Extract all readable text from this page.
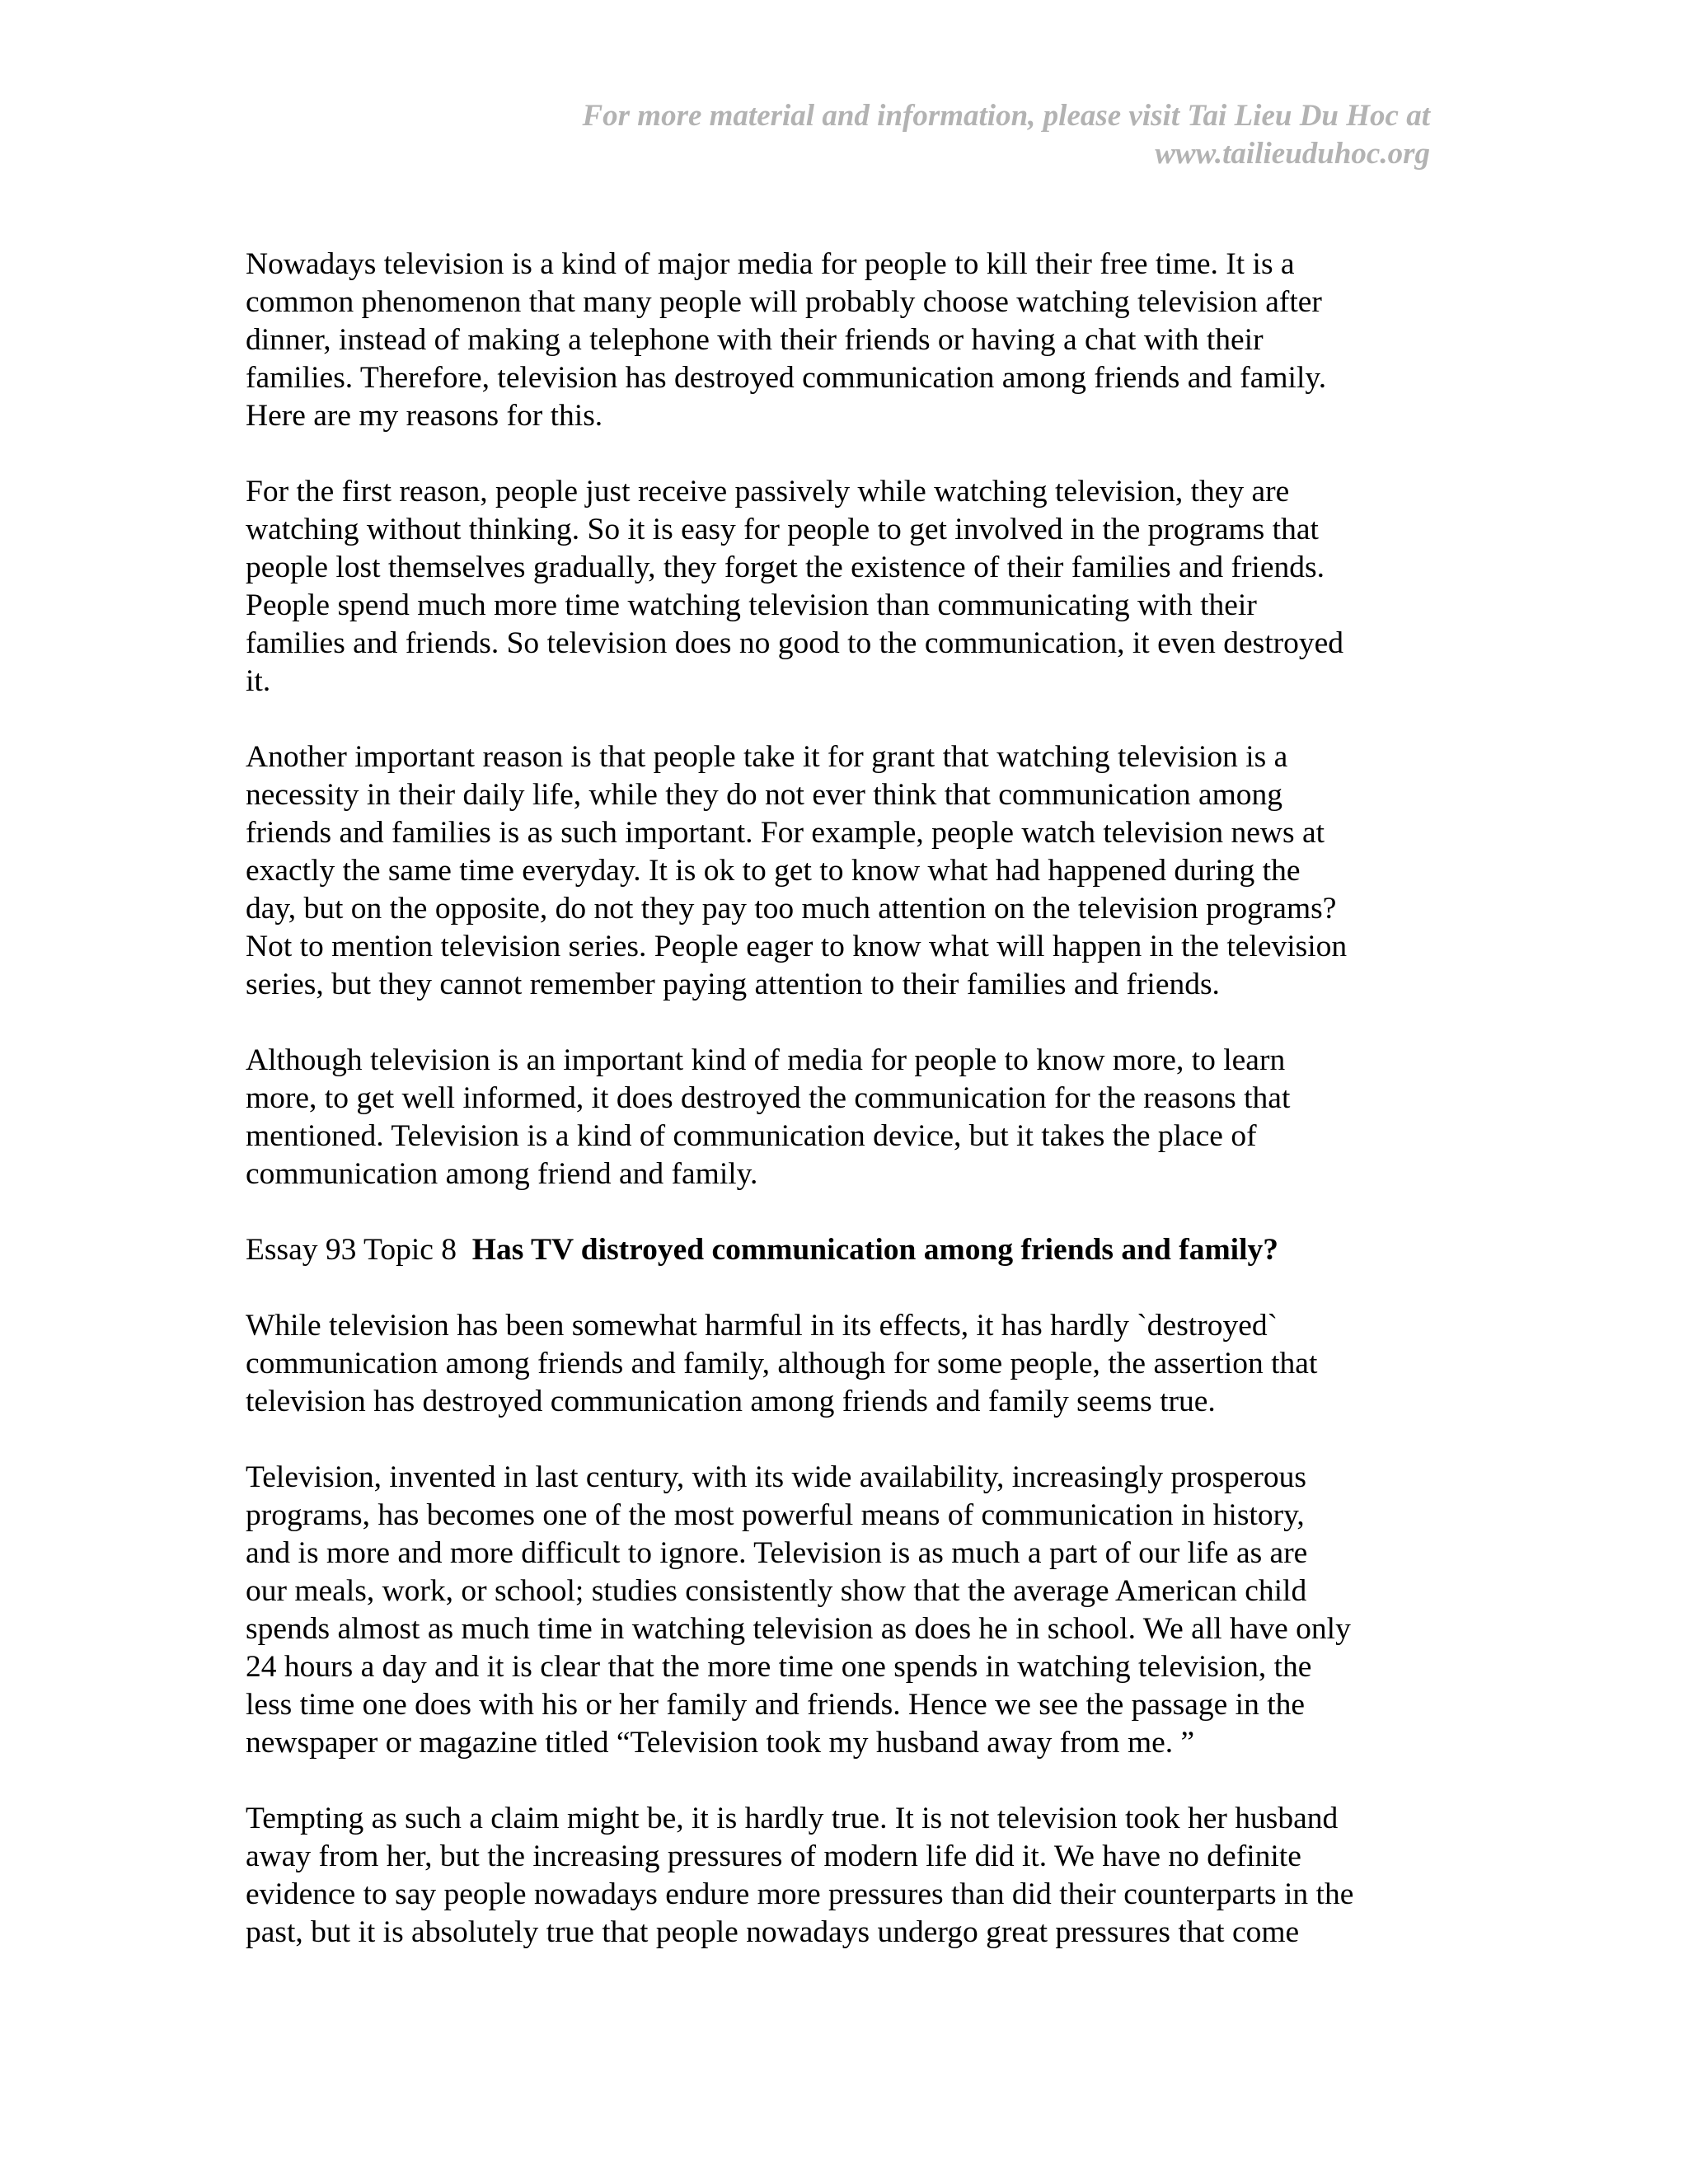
For more material and information, please visit Tai Lieu Du Hoc at
www.tailieuduhoc.org
Nowadays television is a kind of major media for people to kill their free time. It is a
common phenomenon that many people will probably choose watching television after
dinner, instead of making a telephone with their friends or having a chat with their
families. Therefore, television has destroyed communication among friends and family.
Here are my reasons for this.
For the first reason, people just receive passively while watching television, they are
watching without thinking. So it is easy for people to get involved in the programs that
people lost themselves gradually, they forget the existence of their families and friends.
People spend much more time watching television than communicating with their
families and friends. So television does no good to the communication, it even destroyed
it.
Another important reason is that people take it for grant that watching television is a
necessity in their daily life, while they do not ever think that communication among
friends and families is as such important. For example, people watch television news at
exactly the same time everyday. It is ok to get to know what had happened during the
day, but on the opposite, do not they pay too much attention on the television programs?
Not to mention television series. People eager to know what will happen in the television
series, but they cannot remember paying attention to their families and friends.
Although television is an important kind of media for people to know more, to learn
more, to get well informed, it does destroyed the communication for the reasons that
mentioned. Television is a kind of communication device, but it takes the place of
communication among friend and family.
Essay 93 Topic 8 Has TV distroyed communication among friends and family?
While television has been somewhat harmful in its effects, it has hardly `destroyed`
communication among friends and family, although for some people, the assertion that
television has destroyed communication among friends and family seems true.
Television, invented in last century, with its wide availability, increasingly prosperous
programs, has becomes one of the most powerful means of communication in history,
and is more and more difficult to ignore. Television is as much a part of our life as are
our meals, work, or school; studies consistently show that the average American child
spends almost as much time in watching television as does he in school. We all have only
24 hours a day and it is clear that the more time one spends in watching television, the
less time one does with his or her family and friends. Hence we see the passage in the
newspaper or magazine titled “Television took my husband away from me. ”
Tempting as such a claim might be, it is hardly true. It is not television took her husband
away from her, but the increasing pressures of modern life did it. We have no definite
evidence to say people nowadays endure more pressures than did their counterparts in the
past, but it is absolutely true that people nowadays undergo great pressures that come
